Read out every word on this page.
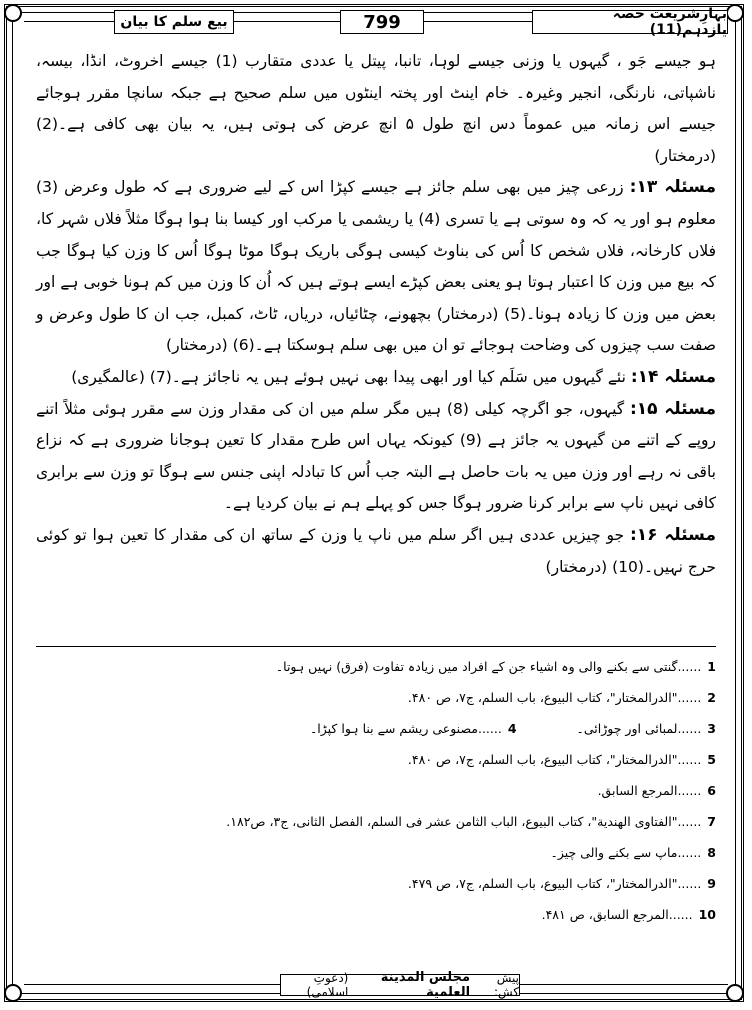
بہارِشریعت حصہ یازدہم(11)
799
بیع سلم کا بیان

ہو جیسے جَو ، گیہوں یا وزنی جیسے لوہا، تانبا، پیتل یا عددی متقارب (1) جیسے اخروٹ، انڈا، بیسہ، ناشپاتی، نارنگی، انجیر وغیرہ۔ خام اینٹ اور پختہ اینٹوں میں سلم صحیح ہے جبکہ سانچا مقرر ہوجائے جیسے اس زمانہ میں عموماً دس انچ طول ۵ انچ عرض کی ہوتی ہیں، یہ بیان بھی کافی ہے۔(2) (درمختار)

مسئلہ ۱۳: زرعی چیز میں بھی سلم جائز ہے جیسے کپڑا اس کے لیے ضروری ہے کہ طول وعرض (3) معلوم ہو اور یہ کہ وہ سوتی ہے یا تسری (4) یا ریشمی یا مرکب اور کیسا بنا ہوا ہوگا مثلاً فلاں شہر کا، فلاں کارخانہ، فلاں شخص کا اُس کی بناوٹ کیسی ہوگی باریک ہوگا موٹا ہوگا اُس کا وزن کیا ہوگا جب کہ بیع میں وزن کا اعتبار ہوتا ہو یعنی بعض کپڑے ایسے ہوتے ہیں کہ اُن کا وزن میں کم ہونا خوبی ہے اور بعض میں وزن کا زیادہ ہونا۔(5) (درمختار) بچھونے، چٹائیاں، دریاں، ٹاٹ، کمبل، جب ان کا طول وعرض و صفت سب چیزوں کی وضاحت ہوجائے تو ان میں بھی سلم ہوسکتا ہے۔(6) (درمختار)

مسئلہ ۱۴: نئے گیہوں میں سَلَم کیا اور ابھی پیدا بھی نہیں ہوئے ہیں یہ ناجائز ہے۔(7) (عالمگیری)

مسئلہ ۱۵: گیہوں، جو اگرچہ کیلی (8) ہیں مگر سلم میں ان کی مقدار وزن سے مقرر ہوئی مثلاً اتنے روپے کے اتنے من گیہوں یہ جائز ہے (9) کیونکہ یہاں اس طرح مقدار کا تعین ہوجانا ضروری ہے کہ نزاع باقی نہ رہے اور وزن میں یہ بات حاصل ہے البتہ جب اُس کا تبادلہ اپنی جنس سے ہوگا تو وزن سے برابری کافی نہیں ناپ سے برابر کرنا ضرور ہوگا جس کو پہلے ہم نے بیان کردیا ہے۔

مسئلہ ۱۶: جو چیزیں عددی ہیں اگر سلم میں ناپ یا وزن کے ساتھ ان کی مقدار کا تعین ہوا تو کوئی حرج نہیں۔(10) (درمختار)

1......گنتی سے بکنے والی وہ اشیاء جن کے افراد میں زیادہ تفاوت (فرق) نہیں ہوتا۔
2......"الدرالمختار"، کتاب البیوع، باب السلم، ج۷، ص ۴۸۰.
3......لمبائی اور چوڑائی۔4......مصنوعی ریشم سے بنا ہوا کپڑا۔
5......"الدرالمختار"، کتاب البیوع، باب السلم، ج۷، ص ۴۸۰.
6......المرجع السابق.
7......"الفتاوی الھندیة"، کتاب البیوع، الباب الثامن عشر فی السلم، الفصل الثانی، ج۳، ص۱۸۲.
8......ماپ سے بکنے والی چیز۔
9......"الدرالمختار"، کتاب البیوع، باب السلم، ج۷، ص ۴۷۹.
10......المرجع السابق، ص ۴۸۱.
پیش کش:
مجلس المدینة العلمیة
(دعوتِ اسلامی)
